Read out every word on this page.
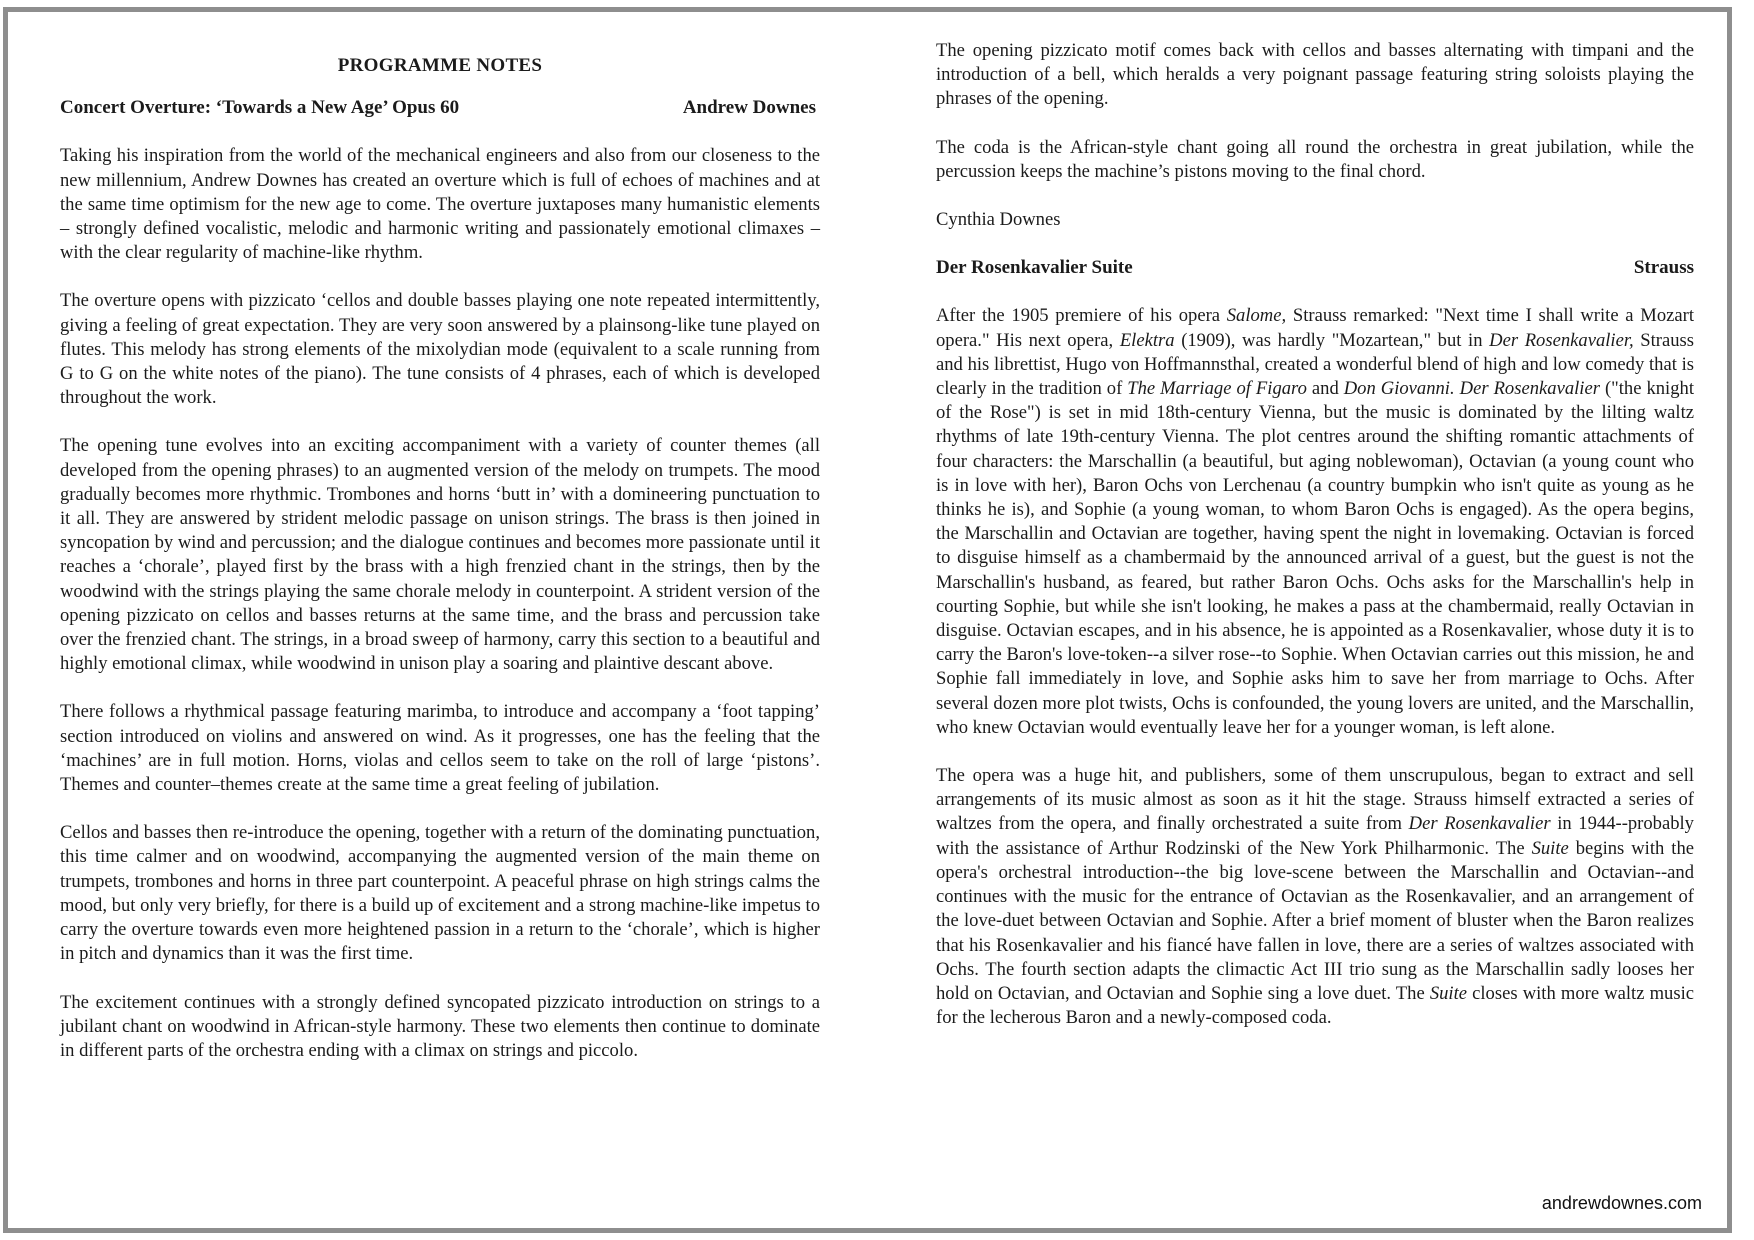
PROGRAMME NOTES
Concert Overture: ‘Towards a New Age’ Opus 60	Andrew Downes

Taking his inspiration from the world of the mechanical engineers and also from our closeness to the new millennium, Andrew Downes has created an overture which is full of echoes of machines and at the same time optimism for the new age to come. The overture juxtaposes many humanistic elements – strongly defined vocalistic, melodic and harmonic writing and passionately emotional climaxes – with the clear regularity of machine-like rhythm.

The overture opens with pizzicato ‘cellos and double basses playing one note repeated intermittently, giving a feeling of great expectation. They are very soon answered by a plainsong-like tune played on flutes. This melody has strong elements of the mixolydian mode (equivalent to a scale running from G to G on the white notes of the piano). The tune consists of 4 phrases, each of which is developed throughout the work.

The opening tune evolves into an exciting accompaniment with a variety of counter themes (all developed from the opening phrases) to an augmented version of the melody on trumpets. The mood gradually becomes more rhythmic. Trombones and horns ‘butt in’ with a domineering punctuation to it all. They are answered by strident melodic passage on unison strings. The brass is then joined in syncopation by wind and percussion; and the dialogue continues and becomes more passionate until it reaches a ‘chorale’, played first by the brass with a high frenzied chant in the strings, then by the woodwind with the strings playing the same chorale melody in counterpoint. A strident version of the opening pizzicato on cellos and basses returns at the same time, and the brass and percussion take over the frenzied chant. The strings, in a broad sweep of harmony, carry this section to a beautiful and highly emotional climax, while woodwind in unison play a soaring and plaintive descant above.

There follows a rhythmical passage featuring marimba, to introduce and accompany a ‘foot tapping’ section introduced on violins and answered on wind. As it progresses, one has the feeling that the ‘machines’ are in full motion. Horns, violas and cellos seem to take on the roll of large ‘pistons’. Themes and counter–themes create at the same time a great feeling of jubilation.

Cellos and basses then re-introduce the opening, together with a return of the dominating punctuation, this time calmer and on woodwind, accompanying the augmented version of the main theme on trumpets, trombones and horns in three part counterpoint. A peaceful phrase on high strings calms the mood, but only very briefly, for there is a build up of excitement and a strong machine-like impetus to carry the overture towards even more heightened passion in a return to the ‘chorale’, which is higher in pitch and dynamics than it was the first time.

The excitement continues with a strongly defined syncopated pizzicato introduction on strings to a jubilant chant on woodwind in African-style harmony. These two elements then continue to dominate in different parts of the orchestra ending with a climax on strings and piccolo.

The opening pizzicato motif comes back with cellos and basses alternating with timpani and the introduction of a bell, which heralds a very poignant passage featuring string soloists playing the phrases of the opening.

The coda is the African-style chant going all round the orchestra in great jubilation, while the percussion keeps the machine’s pistons moving to the final chord.

Cynthia Downes

Der Rosenkavalier Suite	Strauss

After the 1905 premiere of his opera Salome, Strauss remarked: "Next time I shall write a Mozart opera." His next opera, Elektra (1909), was hardly "Mozartean," but in Der Rosenkavalier, Strauss and his librettist, Hugo von Hoffmannsthal, created a wonderful blend of high and low comedy that is clearly in the tradition of The Marriage of Figaro and Don Giovanni. Der Rosenkavalier ("the knight of the Rose") is set in mid 18th-century Vienna, but the music is dominated by the lilting waltz rhythms of late 19th-century Vienna. The plot centres around the shifting romantic attachments of four characters: the Marschallin (a beautiful, but aging noblewoman), Octavian (a young count who is in love with her), Baron Ochs von Lerchenau (a country bumpkin who isn't quite as young as he thinks he is), and Sophie (a young woman, to whom Baron Ochs is engaged). As the opera begins, the Marschallin and Octavian are together, having spent the night in lovemaking. Octavian is forced to disguise himself as a chambermaid by the announced arrival of a guest, but the guest is not the Marschallin's husband, as feared, but rather Baron Ochs. Ochs asks for the Marschallin's help in courting Sophie, but while she isn't looking, he makes a pass at the chambermaid, really Octavian in disguise. Octavian escapes, and in his absence, he is appointed as a Rosenkavalier, whose duty it is to carry the Baron's love-token--a silver rose--to Sophie. When Octavian carries out this mission, he and Sophie fall immediately in love, and Sophie asks him to save her from marriage to Ochs. After several dozen more plot twists, Ochs is confounded, the young lovers are united, and the Marschallin, who knew Octavian would eventually leave her for a younger woman, is left alone.

The opera was a huge hit, and publishers, some of them unscrupulous, began to extract and sell arrangements of its music almost as soon as it hit the stage. Strauss himself extracted a series of waltzes from the opera, and finally orchestrated a suite from Der Rosenkavalier in 1944--probably with the assistance of Arthur Rodzinski of the New York Philharmonic. The Suite begins with the opera's orchestral introduction--the big love-scene between the Marschallin and Octavian--and continues with the music for the entrance of Octavian as the Rosenkavalier, and an arrangement of the love-duet between Octavian and Sophie. After a brief moment of bluster when the Baron realizes that his Rosenkavalier and his fiancé have fallen in love, there are a series of waltzes associated with Ochs. The fourth section adapts the climactic Act III trio sung as the Marschallin sadly looses her hold on Octavian, and Octavian and Sophie sing a love duet. The Suite closes with more waltz music for the lecherous Baron and a newly-composed coda.

andrewdownes.com
